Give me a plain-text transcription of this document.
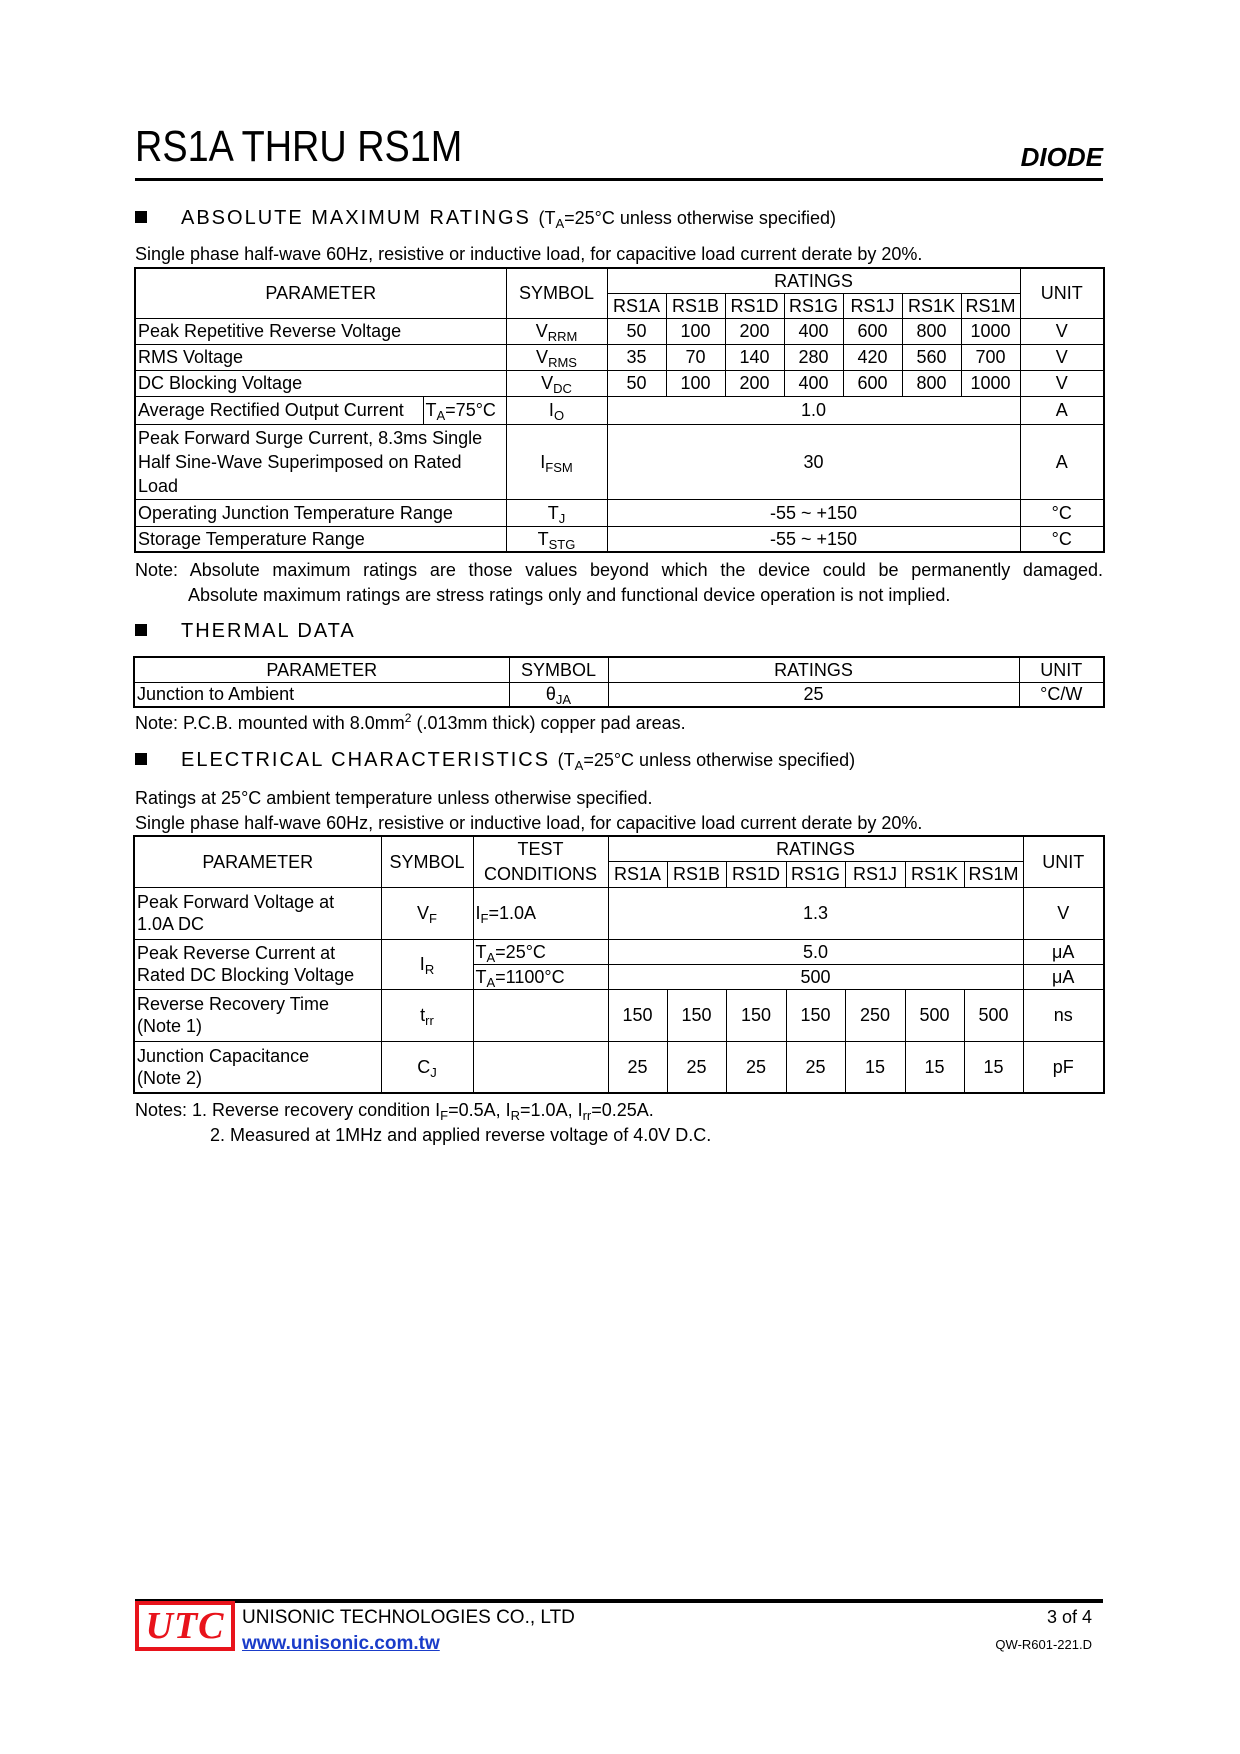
RS1A THRU RS1M	DIODE
ABSOLUTE MAXIMUM RATINGS ($T_A=25^\circ C$ unless otherwise specified)
Single phase half-wave 60Hz, resistive or inductive load, for capacitive load current derate by 20%.
PARAMETER	SYMBOL	RATINGS							UNIT
		RS1A	RS1B	RS1D	RS1G	RS1J	RS1K	RS1M	
Peak Repetitive Reverse Voltage	$V_{RRM}$	50	100	200	400	600	800	1000	V
RMS Voltage	$V_{RMS}$	35	70	140	280	420	560	700	V
DC Blocking Voltage	$V_{DC}$	50	100	200	400	600	800	1000	V

Average Rectified Output Current $T_A=75^\circ C$	$I_O$	1.0							A

Peak Forward Surge Current, 8.3ms Single
Half Sine-Wave Superimposed on Rated
Load	$I_{FSM}$	30							A
Operating Junction Temperature Range	$T_J$	-55 ~ +150							°C
Storage Temperature Range	$T_{STG}$	-55 ~ +150							°C
Note: Absolute maximum ratings are those values beyond which the device could be permanently damaged.
Absolute maximum ratings are stress ratings only and functional device operation is not implied.
THERMAL DATA
PARAMETER	SYMBOL	RATINGS	UNIT
Junction to Ambient	$\theta_{JA}$	25	°C/W
Note: P.C.B. mounted with $8.0mm^2$ (.013mm thick) copper pad areas.
ELECTRICAL CHARACTERISTICS ($T_A=25^\circ C$ unless otherwise specified)
Ratings at 25°C ambient temperature unless otherwise specified.
Single phase half-wave 60Hz, resistive or inductive load, for capacitive load current derate by 20%.
PARAMETER	SYMBOL	TEST	RATINGS							UNIT
		CONDITIONS	RS1A	RS1B	RS1D	RS1G	RS1J	RS1K	RS1M	

Peak Forward Voltage at
1.0A DC	$V_F$	$I_F=1.0A$	1.3							V

Peak Reverse Current at
Rated DC Blocking Voltage	$I_R$	$T_A=25^\circ C$	5.0							μA
		$T_A=1100^\circ C$	500							μA

Reverse Recovery Time
(Note 1)	$t_{rr}$		150	150	150	150	250	500	500	ns

Junction Capacitance
(Note 2)	$C_J$		25	25	25	25	15	15	15	pF
Notes: 1. Reverse recovery condition $I_F=0.5A$, $I_R=1.0A$, $I_{rr}=0.25A$.
2. Measured at 1MHz and applied reverse voltage of 4.0V D.C.
UTC UNISONIC TECHNOLOGIES CO., LTD
www.unisonic.com.tw
3 of 4
QW-R601-221.D
